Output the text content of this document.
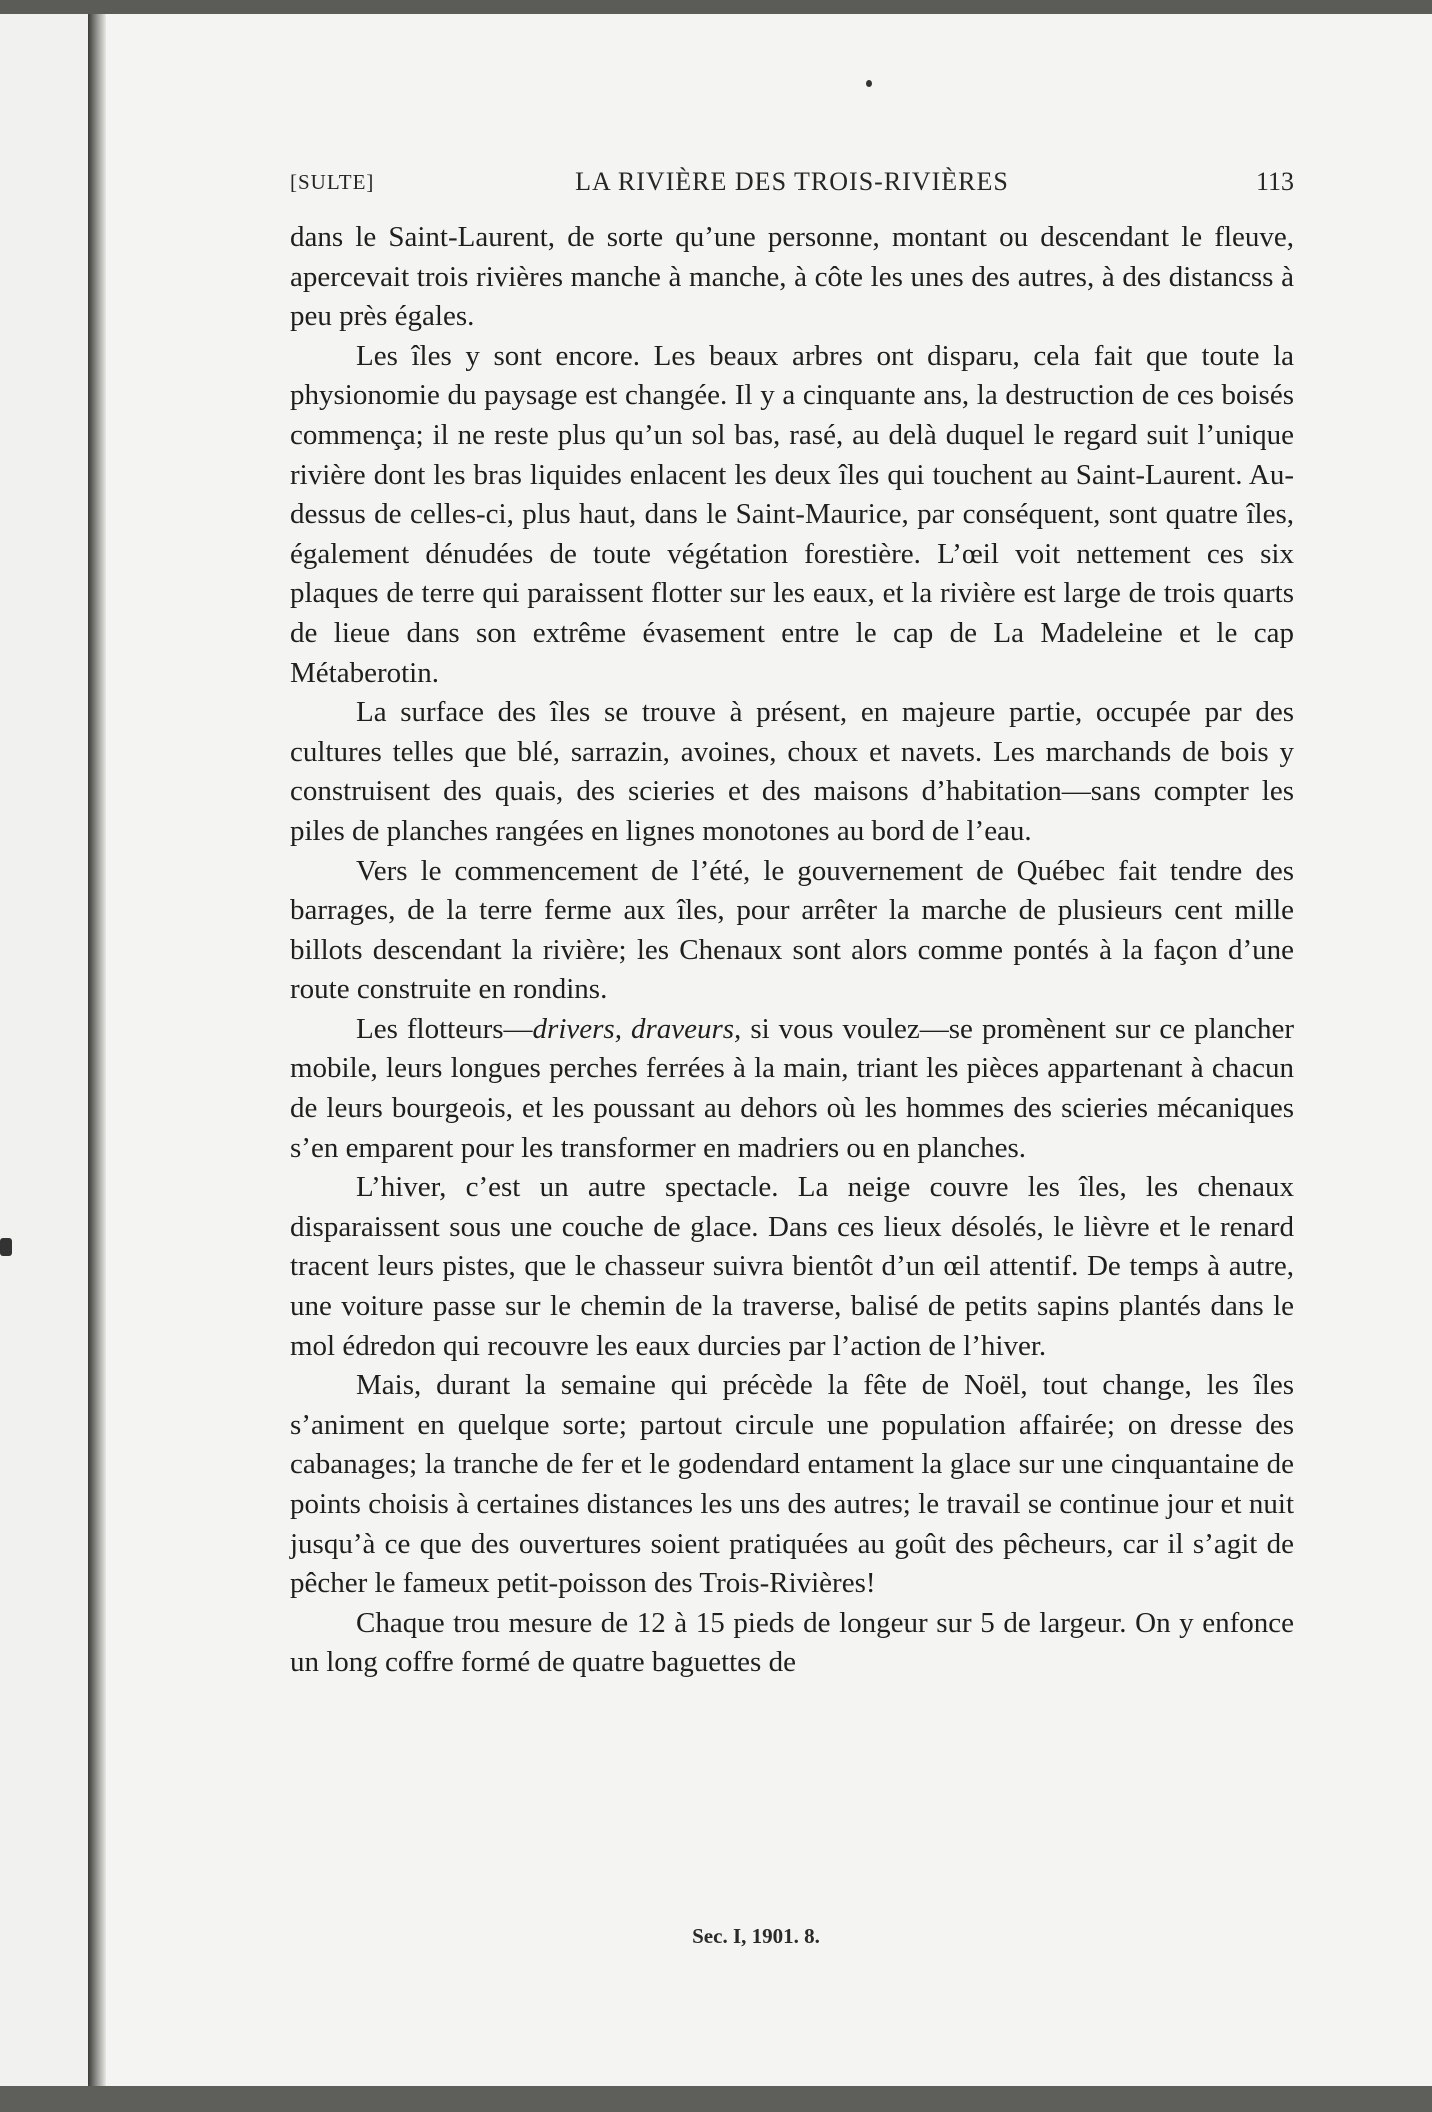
[SULTE]	LA RIVIÈRE DES TROIS-RIVIÈRES	113

dans le Saint-Laurent, de sorte qu’une personne, montant ou descendant le fleuve, apercevait trois rivières manche à manche, à côte les unes des autres, à des distancss à peu près égales.

Les îles y sont encore. Les beaux arbres ont disparu, cela fait que toute la physionomie du paysage est changée. Il y a cinquante ans, la destruction de ces boisés commença; il ne reste plus qu’un sol bas, rasé, au delà duquel le regard suit l’unique rivière dont les bras liquides enlacent les deux îles qui touchent au Saint-Laurent. Au-dessus de celles-ci, plus haut, dans le Saint-Maurice, par conséquent, sont quatre îles, également dénudées de toute végétation forestière. L’œil voit nettement ces six plaques de terre qui paraissent flotter sur les eaux, et la rivière est large de trois quarts de lieue dans son extrême évasement entre le cap de La Madeleine et le cap Métaberotin.

La surface des îles se trouve à présent, en majeure partie, occupée par des cultures telles que blé, sarrazin, avoines, choux et navets. Les marchands de bois y construisent des quais, des scieries et des maisons d’habitation—sans compter les piles de planches rangées en lignes monotones au bord de l’eau.

Vers le commencement de l’été, le gouvernement de Québec fait tendre des barrages, de la terre ferme aux îles, pour arrêter la marche de plusieurs cent mille billots descendant la rivière; les Chenaux sont alors comme pontés à la façon d’une route construite en rondins.

Les flotteurs—drivers, draveurs, si vous voulez—se promènent sur ce plancher mobile, leurs longues perches ferrées à la main, triant les pièces appartenant à chacun de leurs bourgeois, et les poussant au dehors où les hommes des scieries mécaniques s’en emparent pour les transformer en madriers ou en planches.

L’hiver, c’est un autre spectacle. La neige couvre les îles, les chenaux disparaissent sous une couche de glace. Dans ces lieux désolés, le lièvre et le renard tracent leurs pistes, que le chasseur suivra bientôt d’un œil attentif. De temps à autre, une voiture passe sur le chemin de la traverse, balisé de petits sapins plantés dans le mol édredon qui recouvre les eaux durcies par l’action de l’hiver.

Mais, durant la semaine qui précède la fête de Noël, tout change, les îles s’animent en quelque sorte; partout circule une population affairée; on dresse des cabanages; la tranche de fer et le godendard entament la glace sur une cinquantaine de points choisis à certaines distances les uns des autres; le travail se continue jour et nuit jusqu’à ce que des ouvertures soient pratiquées au goût des pêcheurs, car il s’agit de pêcher le fameux petit-poisson des Trois-Rivières!

Chaque trou mesure de 12 à 15 pieds de longeur sur 5 de largeur. On y enfonce un long coffre formé de quatre baguettes de

Sec. I, 1901. 8.
